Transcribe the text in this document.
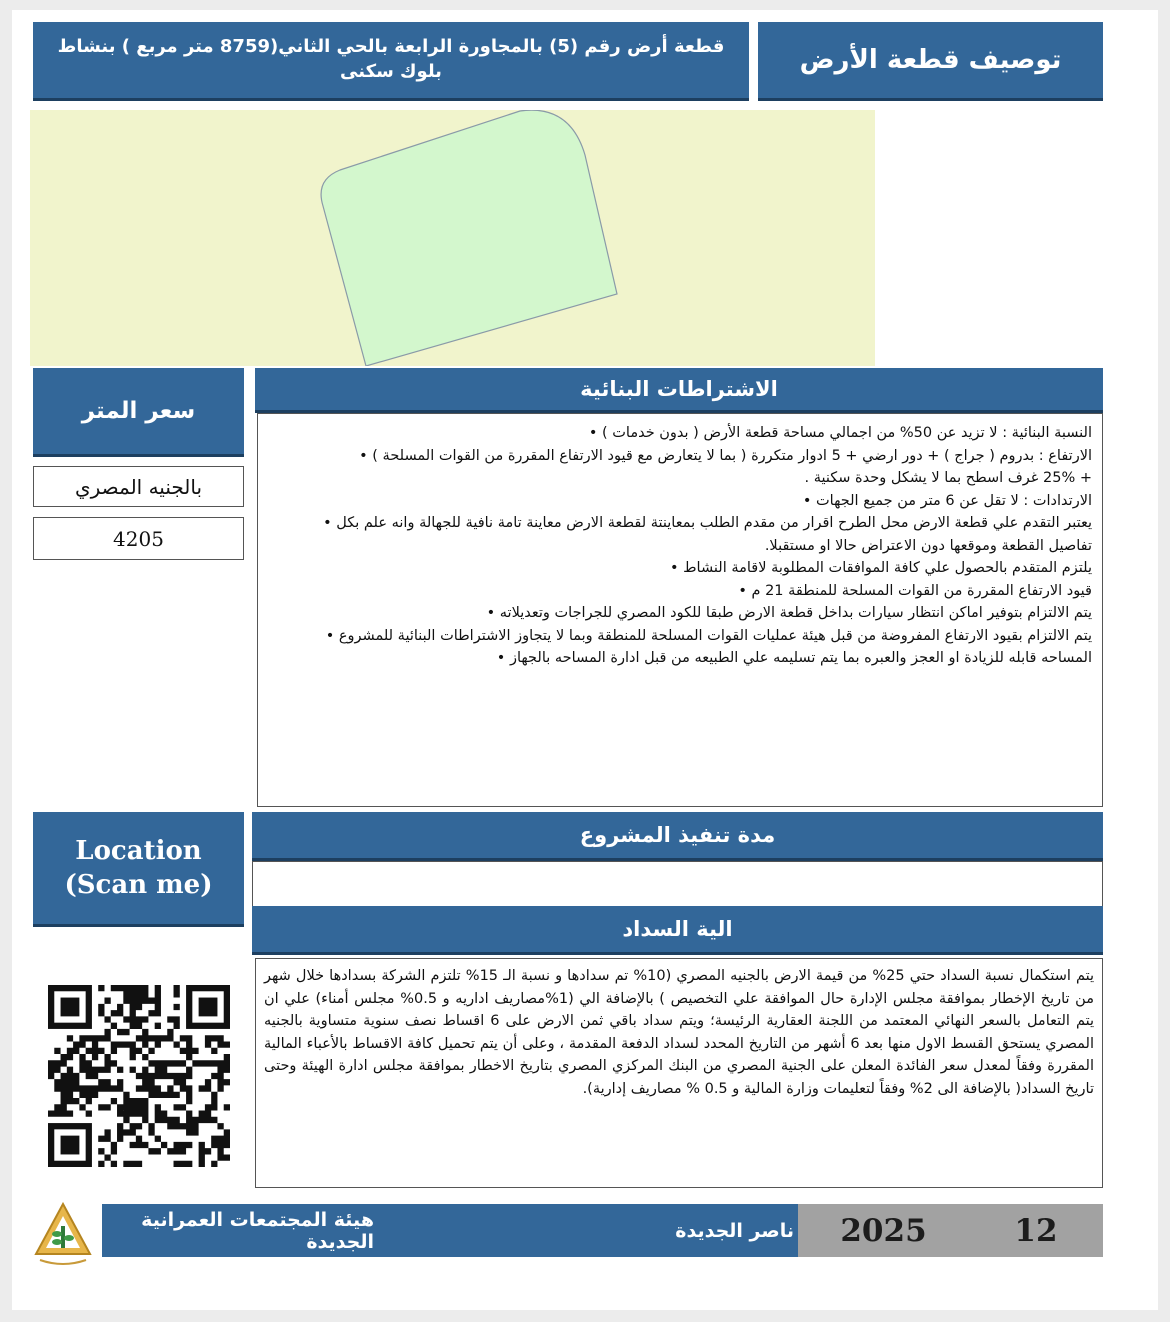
توصيف قطعة الأرض
قطعة أرض رقم (5) بالمجاورة الرابعة بالحي الثاني(8759 متر مربع ) بنشاط بلوك سكنى
سعر المتر
بالجنيه المصري
4205
الاشتراطات البنائية
النسبة البنائية : لا تزيد عن 50% من اجمالي مساحة قطعة الأرض ( بدون خدمات ) •
الارتفاع : بدروم ( جراج ) + دور ارضي + 5 ادوار متكررة ( بما لا يتعارض مع قيود الارتفاع المقررة من القوات المسلحة ) •
+ 25% غرف اسطح بما لا يشكل وحدة سكنية .
الارتدادات : لا تقل عن 6 متر من جميع الجهات •
يعتبر التقدم علي قطعة الارض محل الطرح اقرار من مقدم الطلب بمعاينتة لقطعة الارض معاينة تامة نافية للجهالة وانه علم بكل •
تفاصيل القطعة وموقعها دون الاعتراض حالا او مستقبلا.
يلتزم المتقدم بالحصول علي كافة الموافقات المطلوبة لاقامة النشاط •
قيود الارتفاع المقررة من القوات المسلحة للمنطقة 21 م •
يتم الالتزام بتوفير اماكن انتظار سيارات بداخل قطعة الارض طبقا للكود المصري للجراجات وتعديلاته •
يتم الالتزام بقيود الارتفاع المفروضة من قبل هيئة عمليات القوات المسلحة للمنطقة وبما لا يتجاوز الاشتراطات البنائية للمشروع •
المساحه قابله للزيادة او العجز والعبره بما يتم تسليمه علي الطبيعه من قبل ادارة المساحه بالجهاز •
Location
(Scan me)
مدة تنفيذ المشروع
الية السداد
يتم استكمال نسبة السداد حتي 25% من قيمة الارض بالجنيه المصري (10% تم سدادها و نسبة الـ 15% تلتزم الشركة بسدادها خلال شهر من تاريخ الإخطار بموافقة مجلس الإدارة حال الموافقة علي التخصيص ) بالإضافة الي (1%مصاريف اداريه و 0.5% مجلس أمناء) علي ان يتم التعامل بالسعر النهائي المعتمد من اللجنة العقارية الرئيسة؛ ويتم سداد باقي ثمن الارض على 6 اقساط نصف سنوية متساوية بالجنيه المصري يستحق القسط الاول منها بعد 6 أشهر من التاريخ المحدد لسداد الدفعة المقدمة ، وعلى أن يتم تحميل كافة الاقساط بالأعباء المالية المقررة وفقاً لمعدل سعر الفائدة المعلن على الجنية المصري من البنك المركزي المصري بتاريخ الاخطار بموافقة مجلس ادارة الهيئة وحتى تاريخ السداد( بالإضافة الى 2% وفقاً لتعليمات وزارة المالية و 0.5 % مصاريف إدارية).
هيئة المجتمعات العمرانية الجديدة	ناصر الجديدة	2025	12
